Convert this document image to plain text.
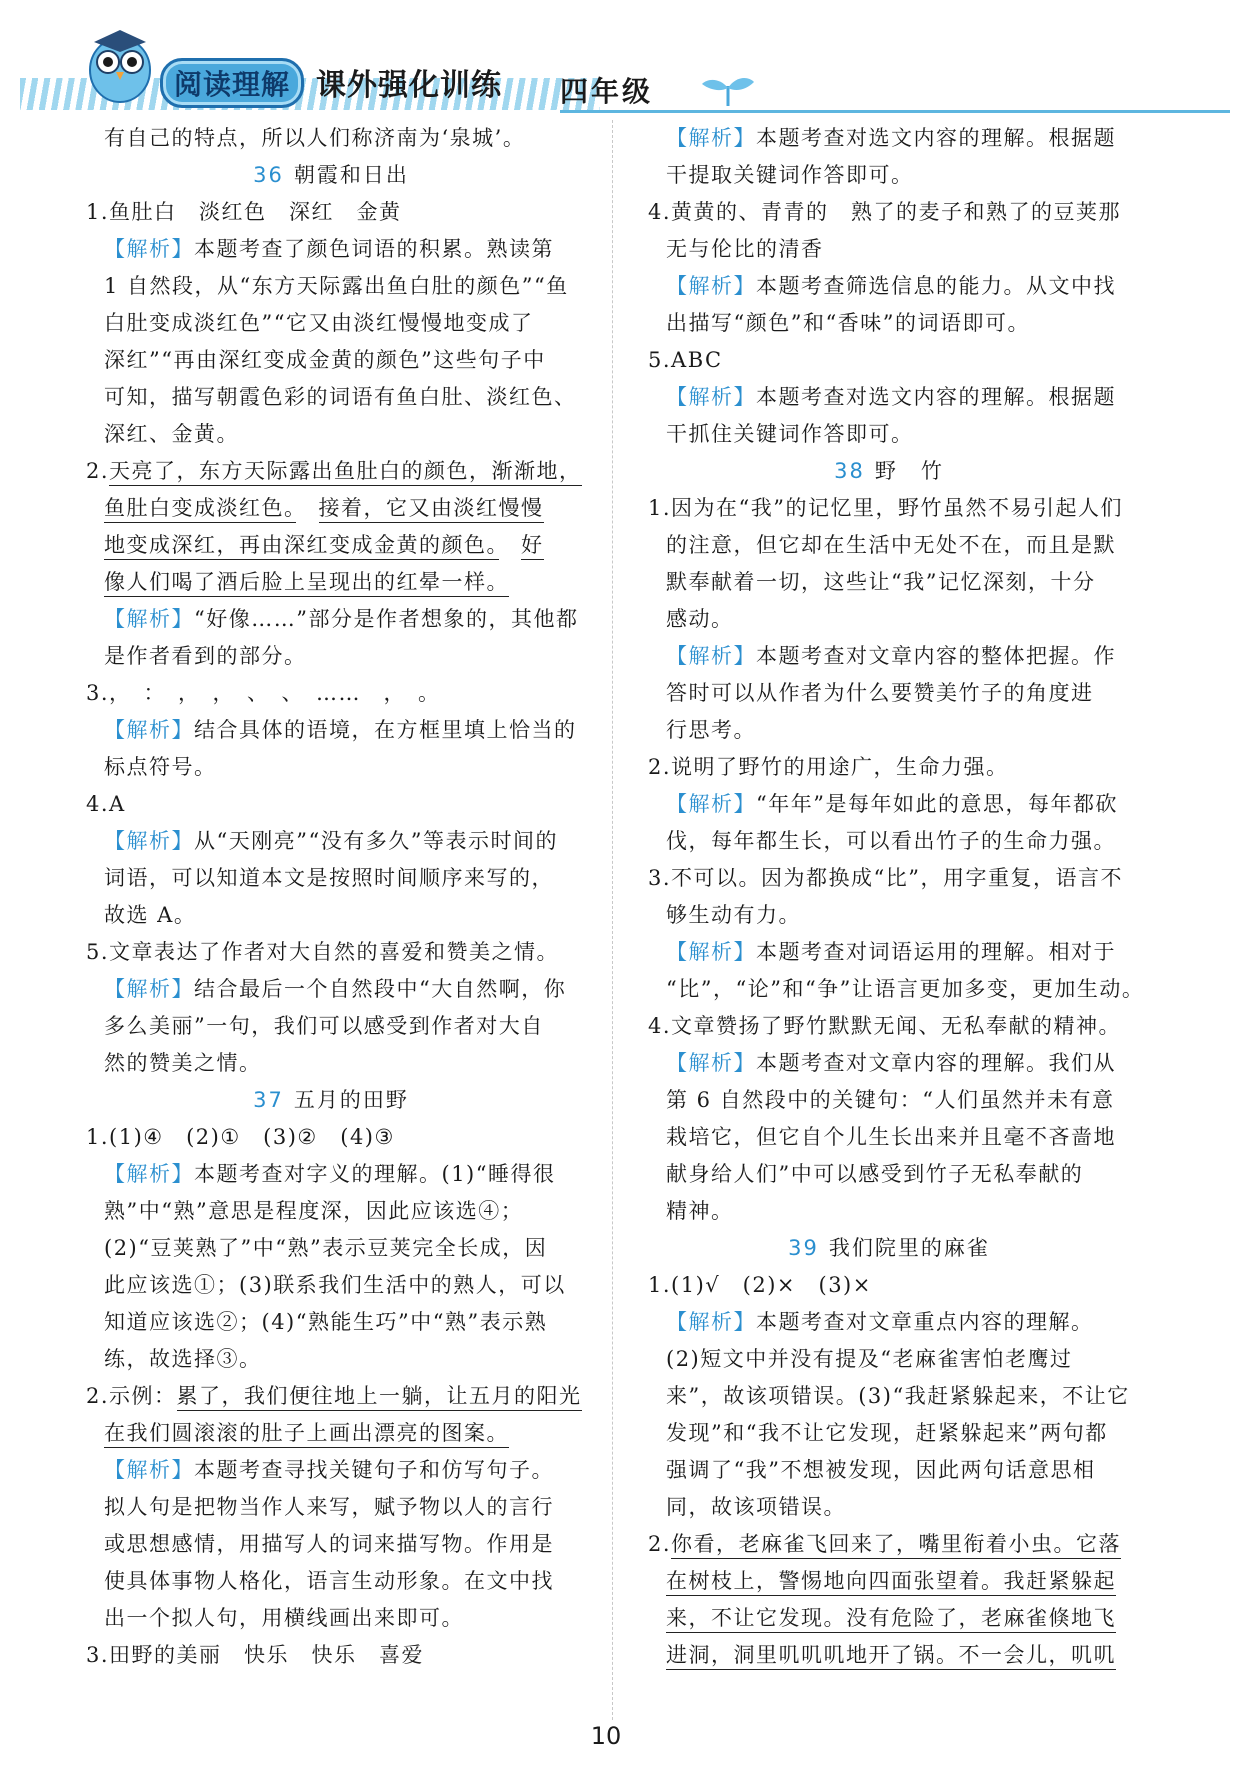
阅读理解 课外强化训练 四年级
有自己的特点，所以人们称济南为‘泉城’。
36 朝霞和日出
1.鱼肚白　淡红色　深红　金黄
【解析】本题考查了颜色词语的积累。熟读第
1 自然段，从“东方天际露出鱼白肚的颜色”“鱼
白肚变成淡红色”“它又由淡红慢慢地变成了
深红”“再由深红变成金黄的颜色”这些句子中
可知，描写朝霞色彩的词语有鱼白肚、淡红色、
深红、金黄。
2.天亮了，东方天际露出鱼肚白的颜色，渐渐地，
鱼肚白变成淡红色。　 接着，它又由淡红慢慢
地变成深红，再由深红变成金黄的颜色。　 好
像人们喝了酒后脸上呈现出的红晕一样。
【解析】“好像……”部分是作者想象的，其他都
是作者看到的部分。
3.，　：　，　，　、　、　……　，　。
【解析】结合具体的语境，在方框里填上恰当的
标点符号。
4.A
【解析】从“天刚亮”“没有多久”等表示时间的
词语，可以知道本文是按照时间顺序来写的，
故选 A。
5.文章表达了作者对大自然的喜爱和赞美之情。
【解析】结合最后一个自然段中“大自然啊，你
多么美丽”一句，我们可以感受到作者对大自
然的赞美之情。
37 五月的田野
1.(1)④　(2)①　(3)②　(4)③
【解析】本题考查对字义的理解。(1)“睡得很
熟”中“熟”意思是程度深，因此应该选④；
(2)“豆荚熟了”中“熟”表示豆荚完全长成，因
此应该选①；(3)联系我们生活中的熟人，可以
知道应该选②；(4)“熟能生巧”中“熟”表示熟
练，故选择③。
2.示例：累了，我们便往地上一躺，让五月的阳光
在我们圆滚滚的肚子上画出漂亮的图案。
【解析】本题考查寻找关键句子和仿写句子。
拟人句是把物当作人来写，赋予物以人的言行
或思想感情，用描写人的词来描写物。作用是
使具体事物人格化，语言生动形象。在文中找
出一个拟人句，用横线画出来即可。
3.田野的美丽　快乐　快乐　喜爱
【解析】本题考查对选文内容的理解。根据题
干提取关键词作答即可。
4.黄黄的、青青的　熟了的麦子和熟了的豆荚那
无与伦比的清香
【解析】本题考查筛选信息的能力。从文中找
出描写“颜色”和“香味”的词语即可。
5.ABC
【解析】本题考查对选文内容的理解。根据题
干抓住关键词作答即可。
38 野　竹
1.因为在“我”的记忆里，野竹虽然不易引起人们
的注意，但它却在生活中无处不在，而且是默
默奉献着一切，这些让“我”记忆深刻，十分
感动。
【解析】本题考查对文章内容的整体把握。作
答时可以从作者为什么要赞美竹子的角度进
行思考。
2.说明了野竹的用途广，生命力强。
【解析】“年年”是每年如此的意思，每年都砍
伐，每年都生长，可以看出竹子的生命力强。
3.不可以。因为都换成“比”，用字重复，语言不
够生动有力。
【解析】本题考查对词语运用的理解。相对于
“比”，“论”和“争”让语言更加多变，更加生动。
4.文章赞扬了野竹默默无闻、无私奉献的精神。
【解析】本题考查对文章内容的理解。我们从
第 6 自然段中的关键句：“人们虽然并未有意
栽培它，但它自个儿生长出来并且毫不吝啬地
献身给人们”中可以感受到竹子无私奉献的
精神。
39 我们院里的麻雀
1.(1)√　(2)×　(3)×
【解析】本题考查对文章重点内容的理解。
(2)短文中并没有提及“老麻雀害怕老鹰过
来”，故该项错误。(3)“我赶紧躲起来，不让它
发现”和“我不让它发现，赶紧躲起来”两句都
强调了“我”不想被发现，因此两句话意思相
同，故该项错误。
2.你看，老麻雀飞回来了，嘴里衔着小虫。它落
在树枝上，警惕地向四面张望着。我赶紧躲起
来，不让它发现。没有危险了，老麻雀倏地飞
进洞，洞里叽叽叽地开了锅。不一会儿，叽叽
10
